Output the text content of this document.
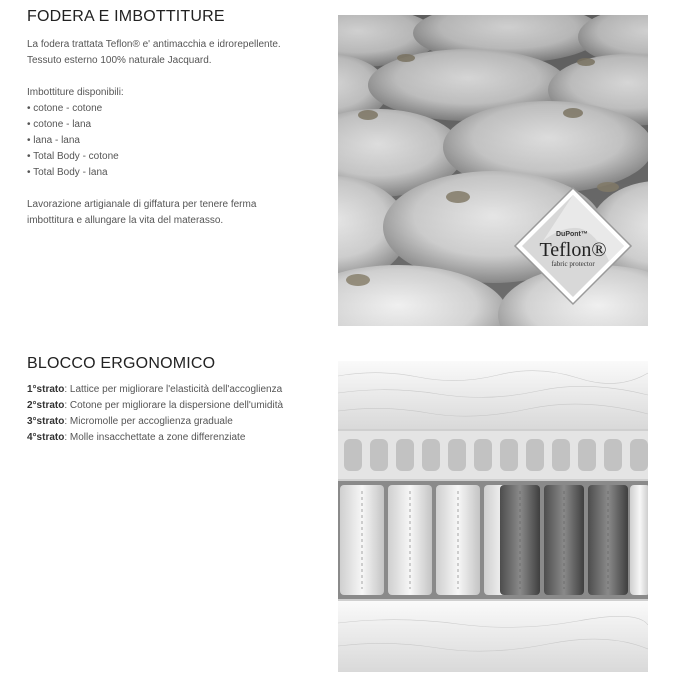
FODERA E IMBOTTITURE

La fodera trattata Teflon® e' antimacchia e idrorepellente.

Tessuto esterno 100% naturale Jacquard.

Imbottiture disponibili:

• cotone - cotone

• cotone - lana

• lana - lana

• Total Body - cotone

• Total Body - lana

Lavorazione artigianale di giffatura per tenere ferma

imbottitura e allungare la vita del materasso.

DuPont™
Teflon®
fabric protector
BLOCCO ERGONOMICO

1°strato: Lattice per migliorare l'elasticità dell'accoglienza

2°strato: Cotone per migliorare la dispersione dell'umidità

3°strato: Micromolle per accoglienza graduale

4°strato: Molle insacchettate a zone differenziate
